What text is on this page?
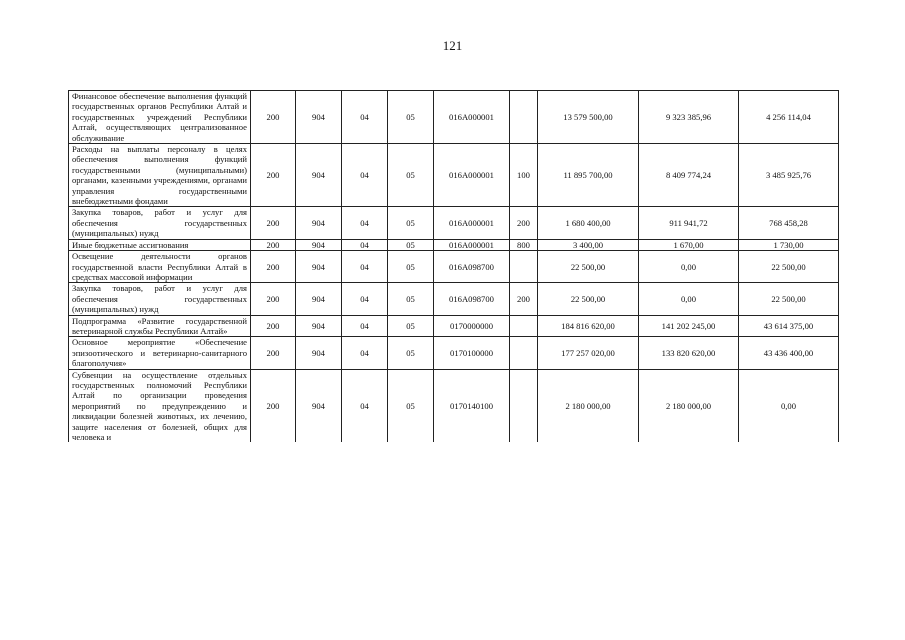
121
Финансовое обеспечение выполнения функций государственных органов Республики Алтай и государственных учреждений Республики Алтай, осуществляющих централизованное обслуживание	200	904	04	05	016А000001		13 579 500,00	9 323 385,96	4 256 114,04
Расходы на выплаты персоналу в целях обеспечения выполнения функций государственными (муниципальными) органами, казенными учреждениями, органами управления государственными внебюджетными фондами	200	904	04	05	016А000001	100	11 895 700,00	8 409 774,24	3 485 925,76
Закупка товаров, работ и услуг для обеспечения государственных (муниципальных) нужд	200	904	04	05	016А000001	200	1 680 400,00	911 941,72	768 458,28
Иные бюджетные ассигнования	200	904	04	05	016А000001	800	3 400,00	1 670,00	1 730,00
Освещение деятельности органов государственной власти Республики Алтай в средствах массовой информации	200	904	04	05	016А098700		22 500,00	0,00	22 500,00
Закупка товаров, работ и услуг для обеспечения государственных (муниципальных) нужд	200	904	04	05	016А098700	200	22 500,00	0,00	22 500,00
Подпрограмма «Развитие государственной ветеринарной службы Республики Алтай»	200	904	04	05	0170000000		184 816 620,00	141 202 245,00	43 614 375,00
Основное мероприятие «Обеспечение эпизоотического и ветеринарно-санитарного благополучия»	200	904	04	05	0170100000		177 257 020,00	133 820 620,00	43 436 400,00
Субвенции на осуществление отдельных государственных полномочий Республики Алтай по организации проведения мероприятий по предупреждению и ликвидации болезней животных, их лечению, защите населения от болезней, общих для человека и	200	904	04	05	0170140100		2 180 000,00	2 180 000,00	0,00
